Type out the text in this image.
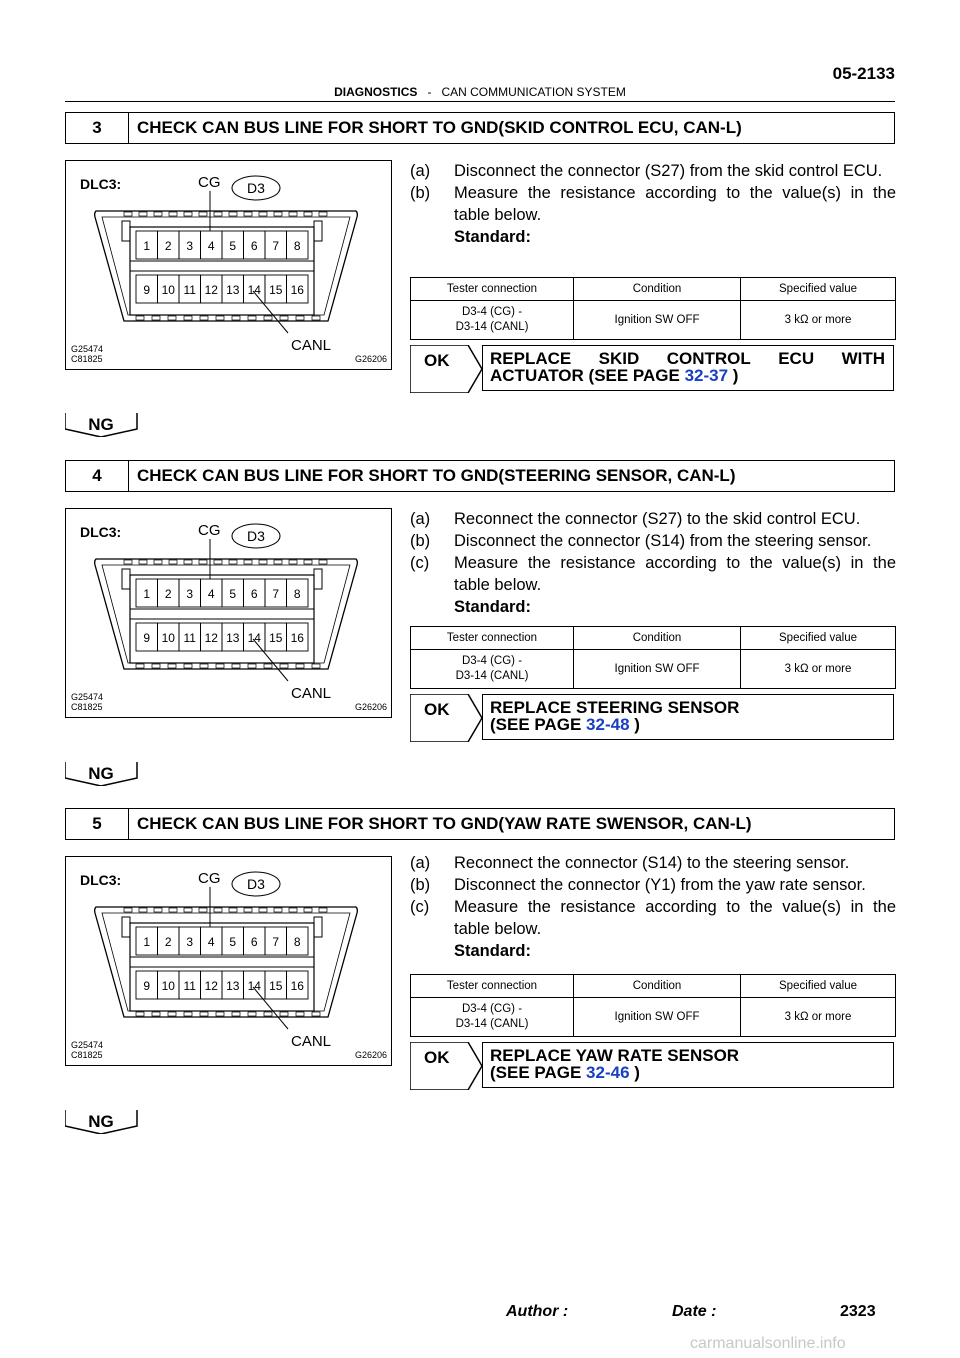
05-2133
DIAGNOSTICS - CAN COMMUNICATION SYSTEM
3	CHECK CAN BUS LINE FOR SHORT TO GND(SKID CONTROL ECU, CAN-L)
1 2 3 4 5 6 7 8
9 10 11 12 13 14 15 16
DLC3:	CG D3
CANL
G25474
C81825	G26206
(a)	Disconnect the connector (S27) from the skid control ECU.
(b)	Measure the resistance according to the value(s) in the table below.
Standard:
Tester connection	Condition	Specified value
D3-4 (CG) -
D3-14 (CANL)	Ignition SW OFF	3 kΩ or more
OK REPLACE SKID CONTROL ECU WITH
ACTUATOR (SEE PAGE 32-37 )
NG
4	CHECK CAN BUS LINE FOR SHORT TO GND(STEERING SENSOR, CAN-L)
1 2 3 4 5 6 7 8
9 10 11 12 13 14 15 16
DLC3:	CG D3
CANL
G25474
C81825	G26206
(a)	Reconnect the connector (S27) to the skid control ECU.
(b)	Disconnect the connector (S14) from the steering sensor.
(c)	Measure the resistance according to the value(s) in the table below.
Standard:
Tester connection	Condition	Specified value
D3-4 (CG) -
D3-14 (CANL)	Ignition SW OFF	3 kΩ or more
OK REPLACE STEERING SENSOR
(SEE PAGE 32-48 )
NG
5	CHECK CAN BUS LINE FOR SHORT TO GND(YAW RATE SWENSOR, CAN-L)
1 2 3 4 5 6 7 8
9 10 11 12 13 14 15 16
DLC3:	CG D3
CANL
G25474
C81825	G26206
(a)	Reconnect the connector (S14) to the steering sensor.
(b)	Disconnect the connector (Y1) from the yaw rate sensor.
(c)	Measure the resistance according to the value(s) in the table below.
Standard:
Tester connection	Condition	Specified value
D3-4 (CG) -
D3-14 (CANL)	Ignition SW OFF	3 kΩ or more
OK REPLACE YAW RATE SENSOR
(SEE PAGE 32-46 )
NG
Author :	Date :	2323
carmanualsonline.info
